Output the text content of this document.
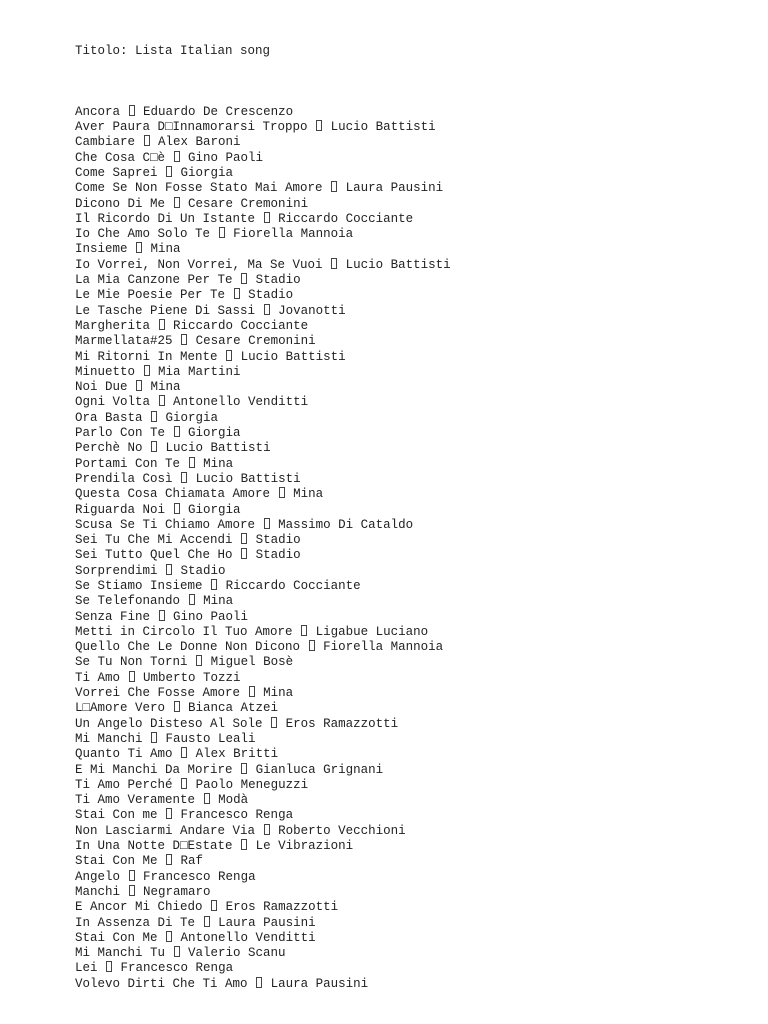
Titolo: Lista Italian song

Ancora Eduardo De Crescenzo
Aver Paura D□Innamorarsi Troppo Lucio Battisti
Cambiare Alex Baroni
Che Cosa C□è Gino Paoli
Come Saprei Giorgia
Come Se Non Fosse Stato Mai Amore Laura Pausini
Dicono Di Me Cesare Cremonini
Il Ricordo Di Un Istante Riccardo Cocciante
Io Che Amo Solo Te Fiorella Mannoia
Insieme Mina
Io Vorrei, Non Vorrei, Ma Se Vuoi Lucio Battisti
La Mia Canzone Per Te Stadio
Le Mie Poesie Per Te Stadio
Le Tasche Piene Di Sassi Jovanotti
Margherita Riccardo Cocciante
Marmellata#25 Cesare Cremonini
Mi Ritorni In Mente Lucio Battisti
Minuetto Mia Martini
Noi Due Mina
Ogni Volta Antonello Venditti
Ora Basta Giorgia
Parlo Con Te Giorgia
Perchè No Lucio Battisti
Portami Con Te Mina
Prendila Così Lucio Battisti
Questa Cosa Chiamata Amore Mina
Riguarda Noi Giorgia
Scusa Se Ti Chiamo Amore Massimo Di Cataldo
Sei Tu Che Mi Accendi Stadio
Sei Tutto Quel Che Ho Stadio
Sorprendimi Stadio
Se Stiamo Insieme Riccardo Cocciante
Se Telefonando Mina
Senza Fine Gino Paoli
Metti in Circolo Il Tuo Amore Ligabue Luciano
Quello Che Le Donne Non Dicono Fiorella Mannoia
Se Tu Non Torni Miguel Bosè
Ti Amo Umberto Tozzi
Vorrei Che Fosse Amore Mina
L□Amore Vero Bianca Atzei
Un Angelo Disteso Al Sole Eros Ramazzotti
Mi Manchi Fausto Leali
Quanto Ti Amo Alex Britti
E Mi Manchi Da Morire Gianluca Grignani
Ti Amo Perché Paolo Meneguzzi
Ti Amo Veramente Modà
Stai Con me Francesco Renga
Non Lasciarmi Andare Via Roberto Vecchioni
In Una Notte D□Estate Le Vibrazioni
Stai Con Me Raf
Angelo Francesco Renga
Manchi Negramaro
E Ancor Mi Chiedo Eros Ramazzotti
In Assenza Di Te Laura Pausini
Stai Con Me Antonello Venditti
Mi Manchi Tu Valerio Scanu
Lei Francesco Renga
Volevo Dirti Che Ti Amo Laura Pausini
